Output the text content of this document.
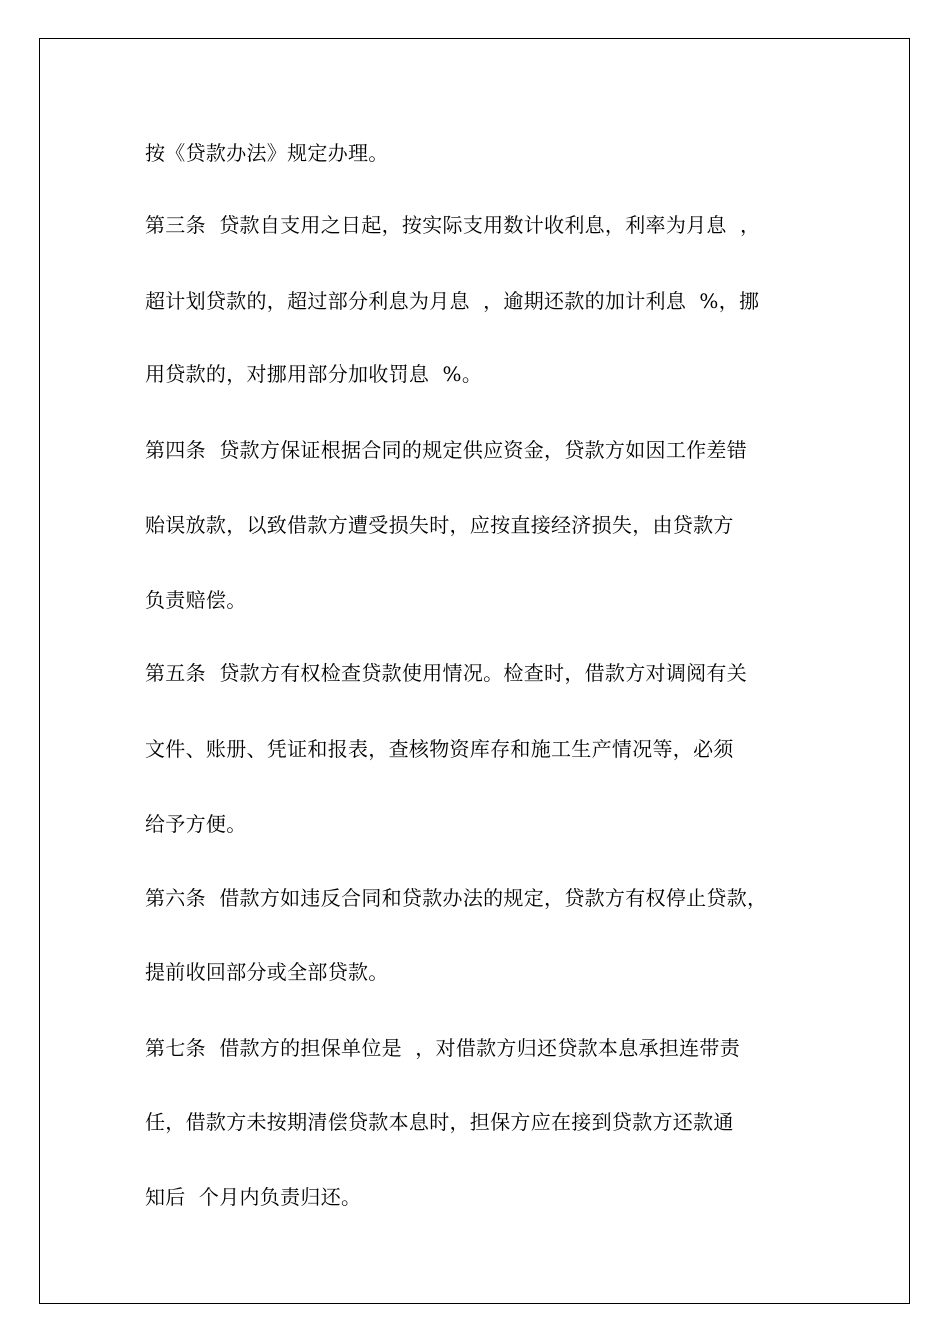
按《贷款办法》规定办理。
第三条  贷款自支用之日起，按实际支用数计收利息，利率为月息  ，
超计划贷款的，超过部分利息为月息  ，逾期还款的加计利息  %，挪
用贷款的，对挪用部分加收罚息  %。
第四条  贷款方保证根据合同的规定供应资金，贷款方如因工作差错
贻误放款，以致借款方遭受损失时，应按直接经济损失，由贷款方
负责赔偿。
第五条  贷款方有权检查贷款使用情况。检查时，借款方对调阅有关
文件、账册、凭证和报表，查核物资库存和施工生产情况等，必须
给予方便。
第六条  借款方如违反合同和贷款办法的规定，贷款方有权停止贷款，
提前收回部分或全部贷款。
第七条  借款方的担保单位是  ，对借款方归还贷款本息承担连带责
任，借款方未按期清偿贷款本息时，担保方应在接到贷款方还款通
知后  个月内负责归还。
